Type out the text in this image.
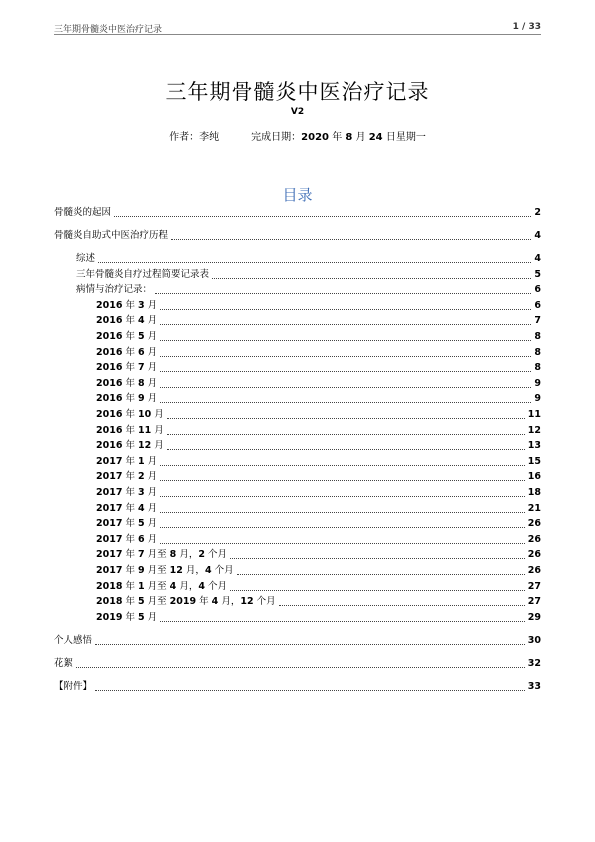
三年期骨髓炎中医治疗记录	1 / 33
三年期骨髓炎中医治疗记录
V2
作者：李纯	完成日期：2020 年 8 月 24 日星期一
目录
骨髓炎的起因	2
骨髓炎自助式中医治疗历程	4
综述	4
三年骨髓炎自疗过程简要记录表	5
病情与治疗记录：	6
2016 年 3 月	6
2016 年 4 月	7
2016 年 5 月	8
2016 年 6 月	8
2016 年 7 月	8
2016 年 8 月	9
2016 年 9 月	9
2016 年 10 月	11
2016 年 11 月	12
2016 年 12 月	13
2017 年 1 月	15
2017 年 2 月	16
2017 年 3 月	18
2017 年 4 月	21
2017 年 5 月	26
2017 年 6 月	26
2017 年 7 月至 8 月，2 个月	26
2017 年 9 月至 12 月，4 个月	26
2018 年 1 月至 4 月，4 个月	27
2018 年 5 月至 2019 年 4 月，12 个月	27
2019 年 5 月	29
个人感悟	30
花絮	32
【附件】	33
